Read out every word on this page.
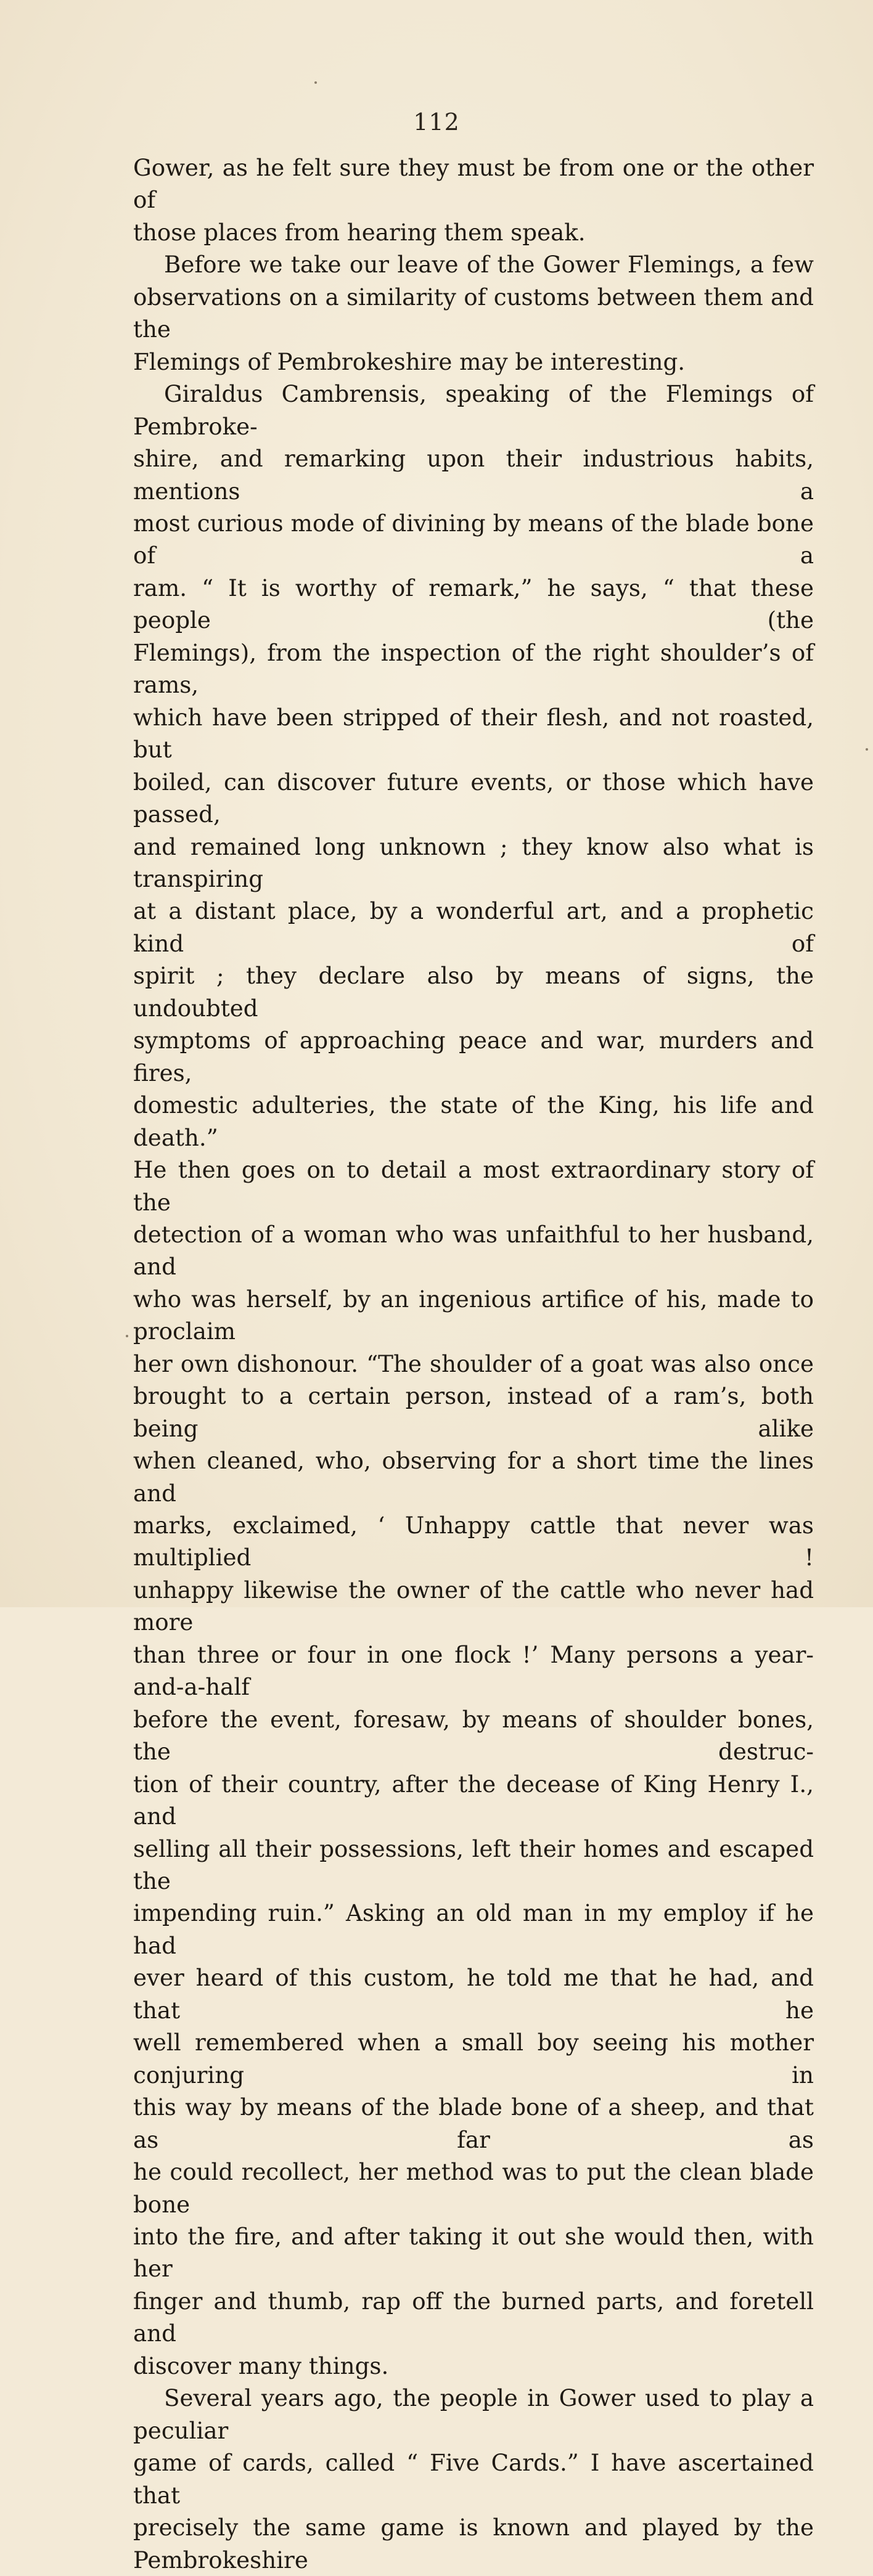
112

Gower, as he felt sure they must be from one or the other of

those places from hearing them speak.

Before we take our leave of the Gower Flemings, a few

observations on a similarity of customs between them and the

Flemings of Pembrokeshire may be interesting.

Giraldus Cambrensis, speaking of the Flemings of Pembroke-

shire, and remarking upon their industrious habits, mentions a

most curious mode of divining by means of the blade bone of a

ram. “ It is worthy of remark,” he says, “ that these people (the

Flemings), from the inspection of the right shoulder’s of rams,

which have been stripped of their flesh, and not roasted, but

boiled, can discover future events, or those which have passed,

and remained long unknown ; they know also what is transpiring

at a distant place, by a wonderful art, and a prophetic kind of

spirit ; they declare also by means of signs, the undoubted

symptoms of approaching peace and war, murders and fires,

domestic adulteries, the state of the King, his life and death.”

He then goes on to detail a most extraordinary story of the

detection of a woman who was unfaithful to her husband, and

who was herself, by an ingenious artifice of his, made to proclaim

her own dishonour. “The shoulder of a goat was also once

brought to a certain person, instead of a ram’s, both being alike

when cleaned, who, observing for a short time the lines and

marks, exclaimed, ‘ Unhappy cattle that never was multiplied !

unhappy likewise the owner of the cattle who never had more

than three or four in one flock !’ Many persons a year-and-a-half

before the event, foresaw, by means of shoulder bones, the destruc-

tion of their country, after the decease of King Henry I., and

selling all their possessions, left their homes and escaped the

impending ruin.” Asking an old man in my employ if he had

ever heard of this custom, he told me that he had, and that he

well remembered when a small boy seeing his mother conjuring in

this way by means of the blade bone of a sheep, and that as far as

he could recollect, her method was to put the clean blade bone

into the fire, and after taking it out she would then, with her

finger and thumb, rap off the burned parts, and foretell and

discover many things.

Several years ago, the people in Gower used to play a peculiar

game of cards, called “ Five Cards.” I have ascertained that

precisely the same game is known and played by the Pembrokeshire
